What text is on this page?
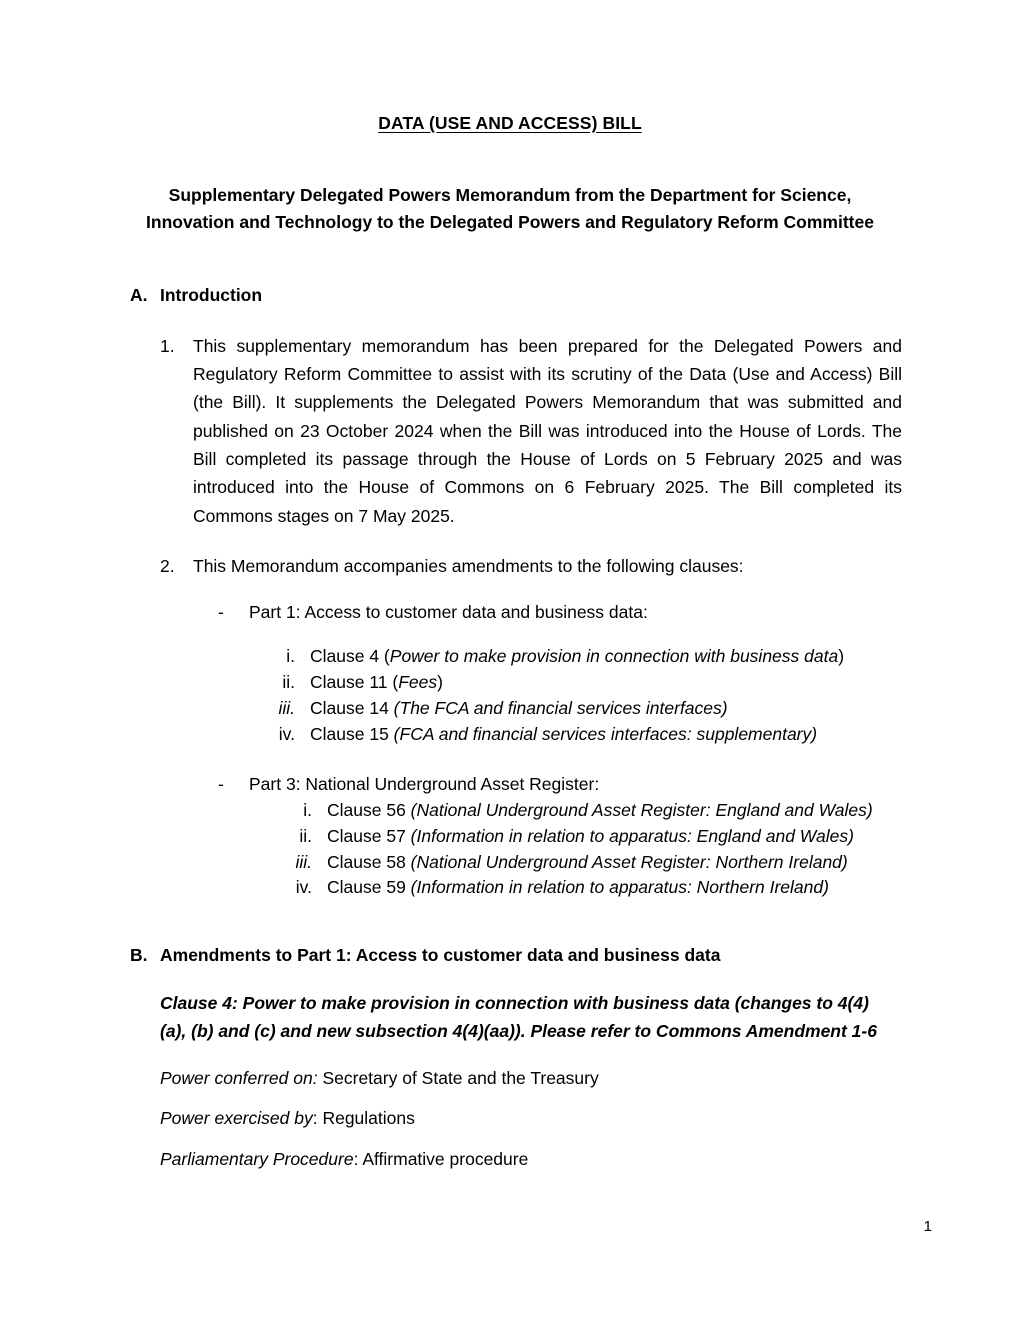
DATA (USE AND ACCESS) BILL
Supplementary Delegated Powers Memorandum from the Department for Science,
Innovation and Technology to the Delegated Powers and Regulatory Reform Committee
A. Introduction
1. This supplementary memorandum has been prepared for the Delegated Powers and Regulatory Reform Committee to assist with its scrutiny of the Data (Use and Access) Bill (the Bill). It supplements the Delegated Powers Memorandum that was submitted and published on 23 October 2024 when the Bill was introduced into the House of Lords. The Bill completed its passage through the House of Lords on 5 February 2025 and was introduced into the House of Commons on 6 February 2025. The Bill completed its Commons stages on 7 May 2025.
2. This Memorandum accompanies amendments to the following clauses:
- Part 1: Access to customer data and business data:
i. Clause 4 (Power to make provision in connection with business data)
ii. Clause 11 (Fees)
iii. Clause 14 (The FCA and financial services interfaces)
iv. Clause 15 (FCA and financial services interfaces: supplementary)
- Part 3: National Underground Asset Register:
i. Clause 56 (National Underground Asset Register: England and Wales)
ii. Clause 57 (Information in relation to apparatus: England and Wales)
iii. Clause 58 (National Underground Asset Register: Northern Ireland)
iv. Clause 59 (Information in relation to apparatus: Northern Ireland)
B. Amendments to Part 1: Access to customer data and business data
Clause 4: Power to make provision in connection with business data (changes to 4(4)(a), (b) and (c) and new subsection 4(4)(aa)). Please refer to Commons Amendment 1-6
Power conferred on: Secretary of State and the Treasury
Power exercised by: Regulations
Parliamentary Procedure: Affirmative procedure
1
